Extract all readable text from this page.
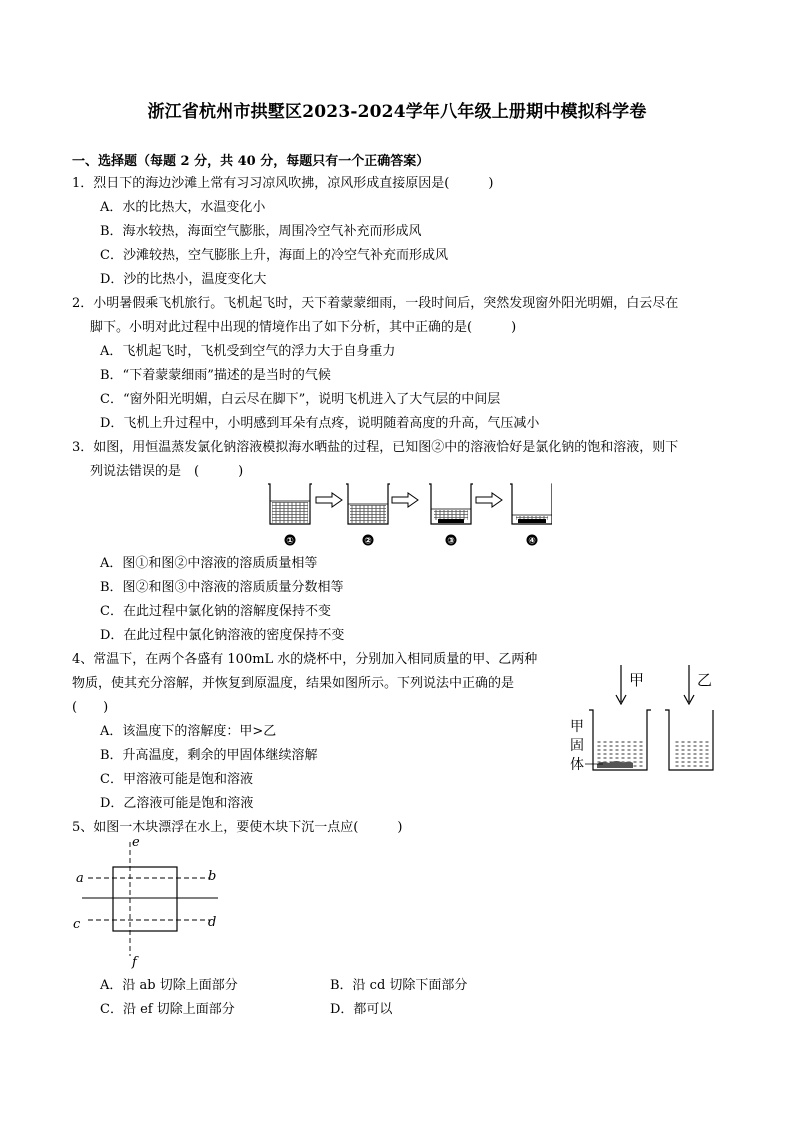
浙江省杭州市拱墅区2023-2024学年八年级上册期中模拟科学卷
一、选择题（每题 2 分，共 40 分，每题只有一个正确答案）
1．烈日下的海边沙滩上常有习习凉风吹拂，凉风形成直接原因是(　　　)
A．水的比热大，水温变化小
B．海水较热，海面空气膨胀，周围冷空气补充而形成风
C．沙滩较热，空气膨胀上升，海面上的冷空气补充而形成风
D．沙的比热小，温度变化大
2．小明暑假乘飞机旅行。飞机起飞时，天下着蒙蒙细雨，一段时间后，突然发现窗外阳光明媚，白云尽在
脚下。小明对此过程中出现的情境作出了如下分析，其中正确的是(　　　)
A．飞机起飞时，飞机受到空气的浮力大于自身重力
B．“下着蒙蒙细雨”描述的是当时的气候
C．“窗外阳光明媚，白云尽在脚下”，说明飞机进入了大气层的中间层
D．飞机上升过程中，小明感到耳朵有点疼，说明随着高度的升高，气压减小
3．如图，用恒温蒸发氯化钠溶液模拟海水晒盐的过程，已知图②中的溶液恰好是氯化钠的饱和溶液，则下
列说法错误的是　(　　　)
①	②	③	④
A．图①和图②中溶液的溶质质量相等
B．图②和图③中溶液的溶质质量分数相等
C．在此过程中氯化钠的溶解度保持不变
D．在此过程中氯化钠溶液的密度保持不变
4、常温下，在两个各盛有 100mL 水的烧杯中，分别加入相同质量的甲、乙两种
物质，使其充分溶解，并恢复到原温度，结果如图所示。下列说法中正确的是
(　　)
A．该温度下的溶解度：甲>乙
B．升高温度，剩余的甲固体继续溶解
C．甲溶液可能是饱和溶液
D．乙溶液可能是饱和溶液
甲
固
体
甲	乙
5、如图一木块漂浮在水上，要使木块下沉一点应(　　　)
a	b
c	d
e
f
A．沿 ab 切除上面部分	B．沿 cd 切除下面部分
C．沿 ef 切除上面部分	D．都可以
